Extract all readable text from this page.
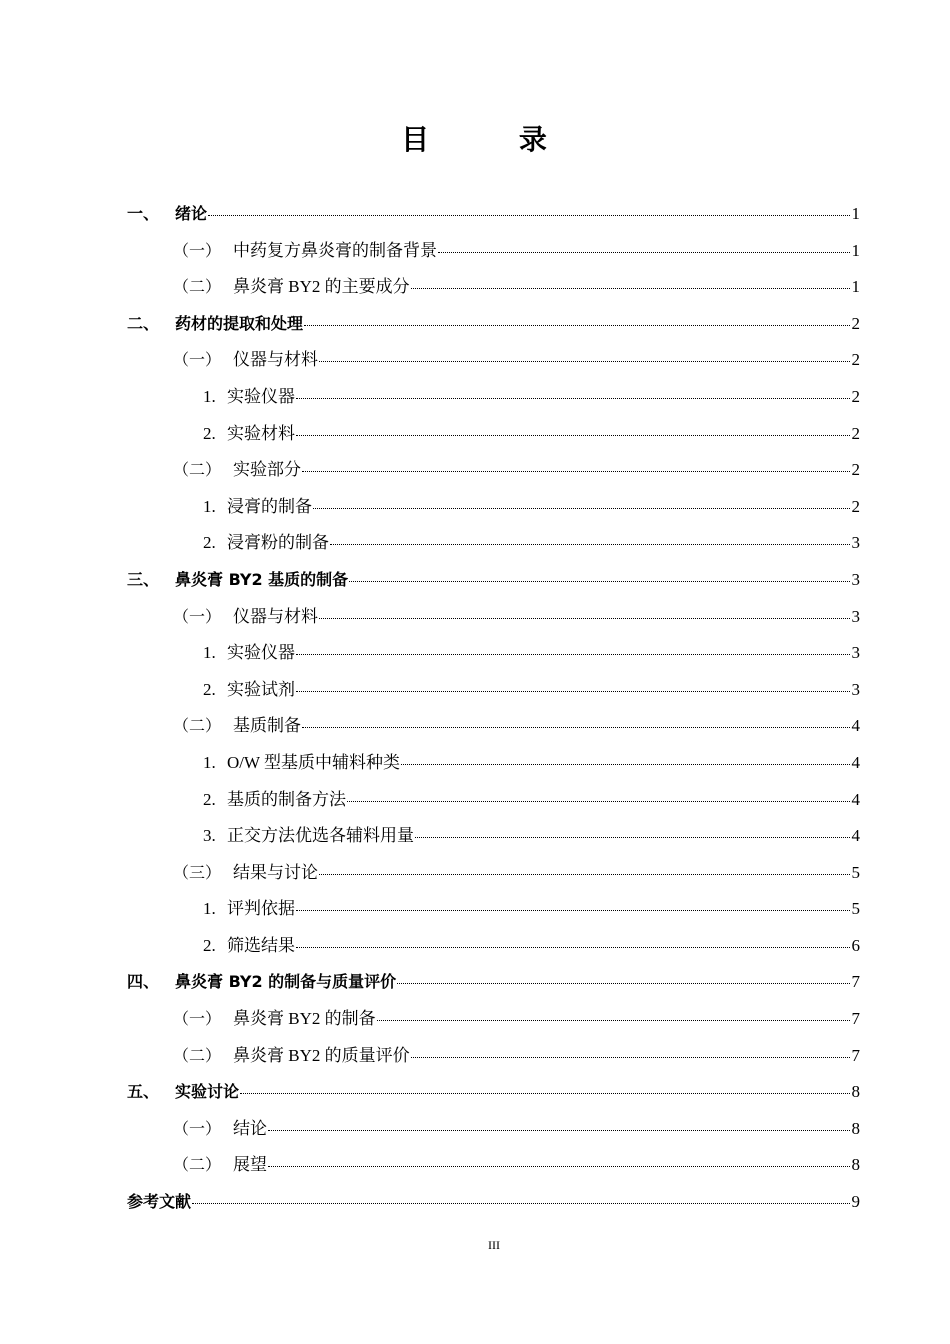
目 录
一、 绪论	1
（一） 中药复方鼻炎膏的制备背景	1
（二） 鼻炎膏 BY2 的主要成分	1
二、 药材的提取和处理	2
（一） 仪器与材料	2
1. 实验仪器	2
2. 实验材料	2
（二） 实验部分	2
1. 浸膏的制备	2
2. 浸膏粉的制备	3
三、 鼻炎膏 BY2 基质的制备	3
（一） 仪器与材料	3
1. 实验仪器	3
2. 实验试剂	3
（二） 基质制备	4
1. O/W 型基质中辅料种类	4
2. 基质的制备方法	4
3. 正交方法优选各辅料用量	4
（三） 结果与讨论	5
1. 评判依据	5
2. 筛选结果	6
四、 鼻炎膏 BY2 的制备与质量评价	7
（一） 鼻炎膏 BY2 的制备	7
（二） 鼻炎膏 BY2 的质量评价	7
五、 实验讨论	8
（一） 结论	8
（二） 展望	8
参考文献	9
III
